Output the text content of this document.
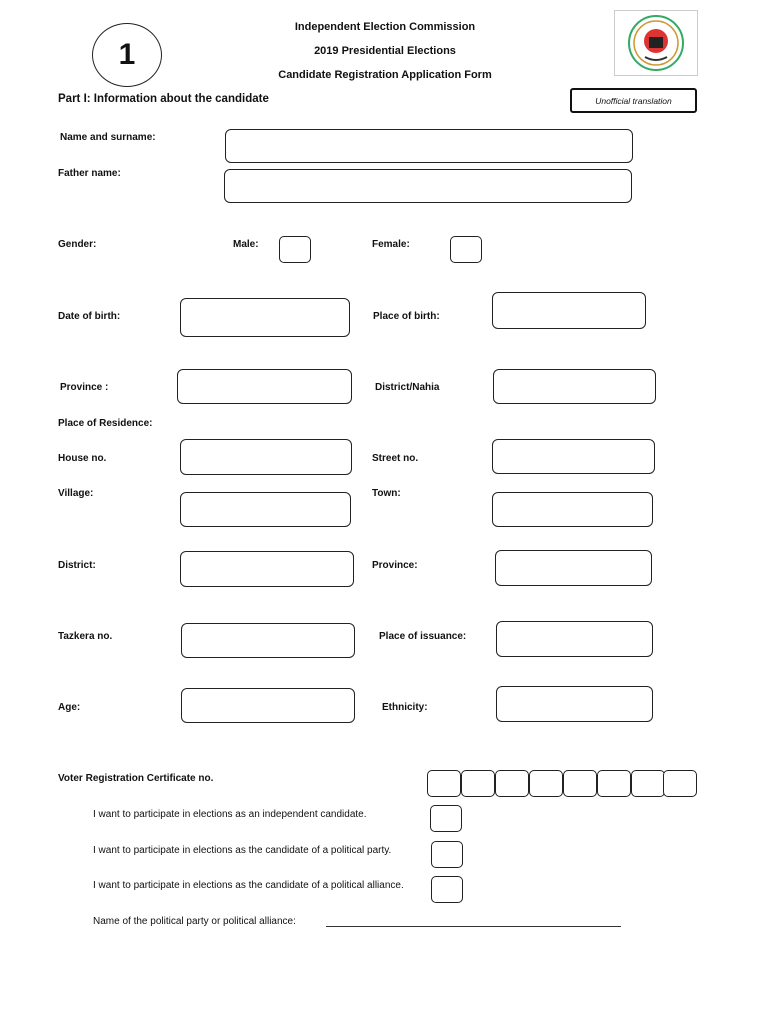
1
Independent Election Commission
2019 Presidential Elections
Candidate Registration Application Form
Part I: Information about the candidate	Unofficial translation
Name and surname:
Father name:
Gender:	Male:	Female:
Date of birth:	Place of birth:
Province :	District/Nahia
Place of Residence:
House no.	Street no.
Village:	Town:
District:	Province:
Tazkera no.	Place of issuance:
Age:	Ethnicity:
Voter Registration Certificate no.
I want to participate in elections as an independent candidate.
I want to participate in elections as the candidate of a political party.
I want to participate in elections as the candidate of a political alliance.
Name of the political party or political alliance:
